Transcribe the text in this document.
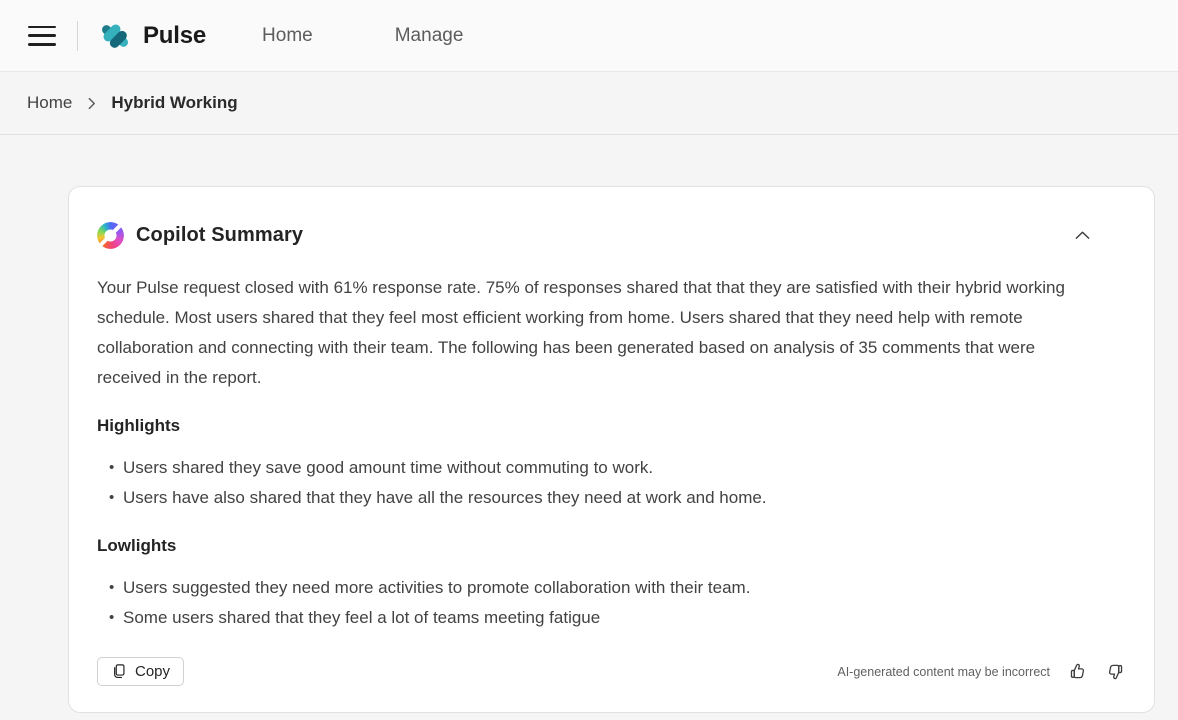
Pulse	Home	Manage
Home Hybrid Working
Copilot Summary

Your Pulse request closed with 61% response rate. 75% of responses shared that that they are satisfied with their hybrid working schedule. Most users shared that they feel most efficient working from home. Users shared that they need help with remote collaboration and connecting with their team. The following has been generated based on analysis of 35 comments that were received in the report.

Highlights
• Users shared they save good amount time without commuting to work.
• Users have also shared that they have all the resources they need at work and home.
Lowlights
• Users suggested they need more activities to promote collaboration with their team.
• Some users shared that they feel a lot of teams meeting fatigue
Copy	AI-generated content may be incorrect
